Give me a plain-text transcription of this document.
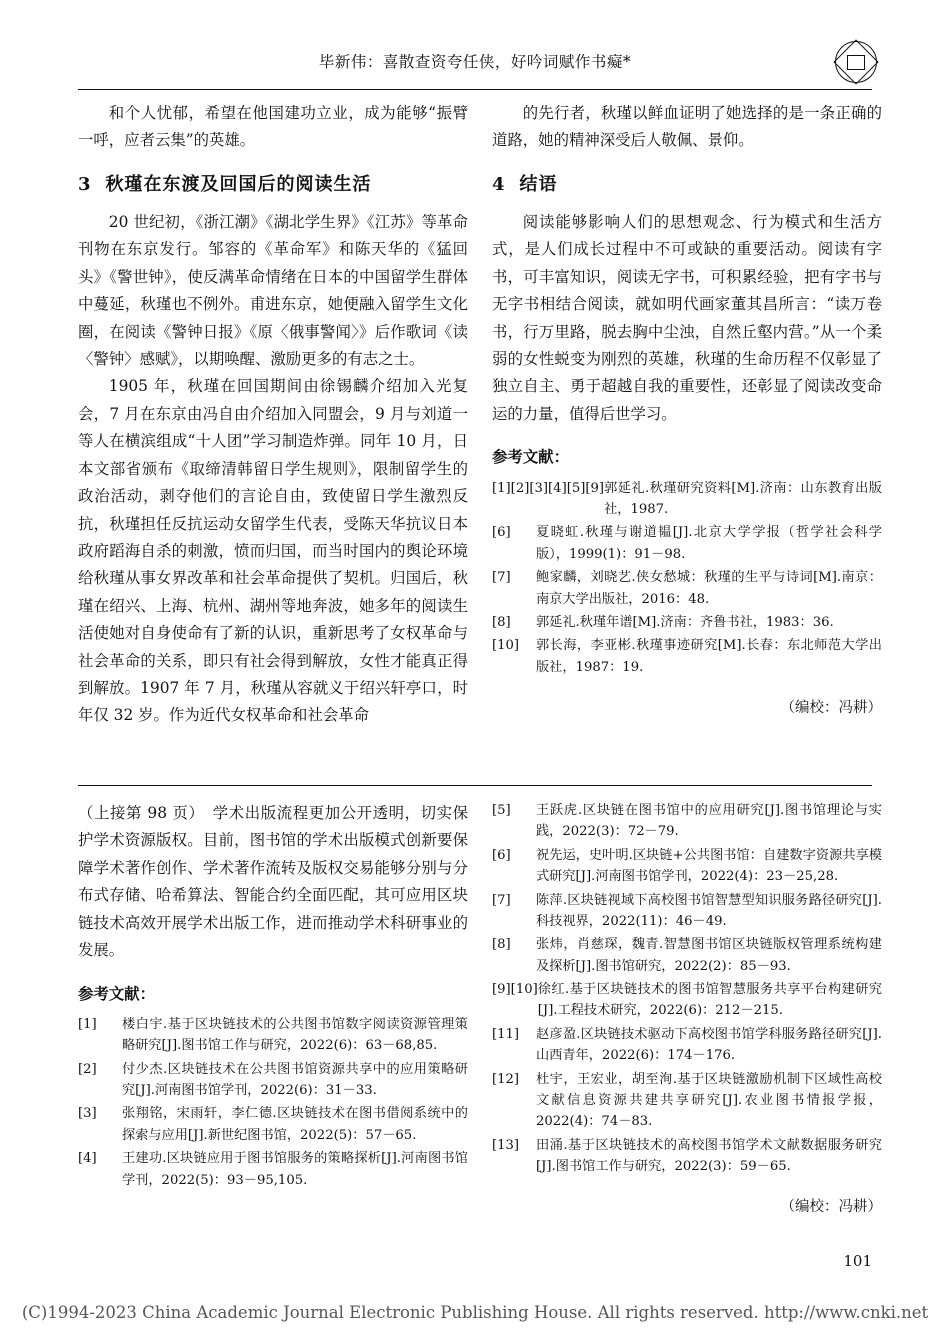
毕新伟：喜散查资夸任侠，好吟词赋作书癡*

和个人忧郁，希望在他国建功立业，成为能够“振臂一呼，应者云集”的英雄。

3 秋瑾在东渡及回国后的阅读生活

20 世纪初，《浙江潮》《湖北学生界》《江苏》等革命刊物在东京发行。邹容的《革命军》和陈天华的《猛回头》《警世钟》，使反满革命情绪在日本的中国留学生群体中蔓延，秋瑾也不例外。甫进东京，她便融入留学生文化圈，在阅读《警钟日报》《原〈俄事警闻〉》后作歌词《读〈警钟〉感赋》，以期唤醒、激励更多的有志之士。

1905 年，秋瑾在回国期间由徐锡麟介绍加入光复会，7 月在东京由冯自由介绍加入同盟会，9 月与刘道一等人在横滨组成“十人团”学习制造炸弹。同年 10 月，日本文部省颁布《取缔清韩留日学生规则》，限制留学生的政治活动，剥夺他们的言论自由，致使留日学生激烈反抗，秋瑾担任反抗运动女留学生代表，受陈天华抗议日本政府蹈海自杀的刺激，愤而归国，而当时国内的舆论环境给秋瑾从事女界改革和社会革命提供了契机。归国后，秋瑾在绍兴、上海、杭州、湖州等地奔波，她多年的阅读生活使她对自身使命有了新的认识，重新思考了女权革命与社会革命的关系，即只有社会得到解放，女性才能真正得到解放。1907 年 7 月，秋瑾从容就义于绍兴轩亭口，时年仅 32 岁。作为近代女权革命和社会革命

的先行者，秋瑾以鲜血证明了她选择的是一条正确的道路，她的精神深受后人敬佩、景仰。

4 结语

阅读能够影响人们的思想观念、行为模式和生活方式，是人们成长过程中不可或缺的重要活动。阅读有字书，可丰富知识，阅读无字书，可积累经验，把有字书与无字书相结合阅读，就如明代画家董其昌所言：“读万卷书，行万里路，脱去胸中尘浊，自然丘壑内营。”从一个柔弱的女性蜕变为刚烈的英雄，秋瑾的生命历程不仅彰显了独立自主、勇于超越自我的重要性，还彰显了阅读改变命运的力量，值得后世学习。

参考文献：
[1][2][3][4][5][9] 郭延礼.秋瑾研究资料[M].济南：山东教育出版社，1987.
[6]	夏晓虹.秋瑾与谢道韫[J].北京大学学报（哲学社会科学版），1999(1)：91－98.
[7]	鲍家麟，刘晓艺.侠女愁城：秋瑾的生平与诗词[M].南京：南京大学出版社，2016：48.
[8]	郭延礼.秋瑾年谱[M].济南：齐鲁书社，1983：36.
[10]	郭长海，李亚彬.秋瑾事迹研究[M].长春：东北师范大学出版社，1987：19.
（编校：冯耕）

（上接第 98 页）　 学术出版流程更加公开透明，切实保护学术资源版权。目前，图书馆的学术出版模式创新要保障学术著作创作、学术著作流转及版权交易能够分别与分布式存储、哈希算法、智能合约全面匹配，其可应用区块链技术高效开展学术出版工作，进而推动学术科研事业的发展。

参考文献：
[1]	楼白宇.基于区块链技术的公共图书馆数字阅读资源管理策略研究[J].图书馆工作与研究，2022(6)：63－68,85.
[2]	付少杰.区块链技术在公共图书馆资源共享中的应用策略研究[J].河南图书馆学刊，2022(6)：31－33.
[3]	张翔铭，宋雨轩，李仁德.区块链技术在图书借阅系统中的探索与应用[J].新世纪图书馆，2022(5)：57－65.
[4]	王建功.区块链应用于图书馆服务的策略探析[J].河南图书馆学刊，2022(5)：93－95,105.
[5]	王跃虎.区块链在图书馆中的应用研究[J].图书馆理论与实践，2022(3)：72－79.
[6]	祝先运，史叶明.区块链+公共图书馆：自建数字资源共享模式研究[J].河南图书馆学刊，2022(4)：23－25,28.
[7]	陈萍.区块链视域下高校图书馆智慧型知识服务路径研究[J].科技视界，2022(11)：46－49.
[8]	张炜，肖慈琛，魏青.智慧图书馆区块链版权管理系统构建及探析[J].图书馆研究，2022(2)：85－93.
[9][10] 徐红.基于区块链技术的图书馆智慧服务共享平台构建研究[J].工程技术研究，2022(6)：212－215.
[11]	赵彦盈.区块链技术驱动下高校图书馆学科服务路径研究[J].山西青年，2022(6)：174－176.
[12]	杜宇，王宏业，胡至洵.基于区块链激励机制下区域性高校文献信息资源共建共享研究[J].农业图书情报学报，2022(4)：74－83.
[13]	田涌.基于区块链技术的高校图书馆学术文献数据服务研究[J].图书馆工作与研究，2022(3)：59－65.
（编校：冯耕）
101
(C)1994-2023 China Academic Journal Electronic Publishing House. All rights reserved. http://www.cnki.net
